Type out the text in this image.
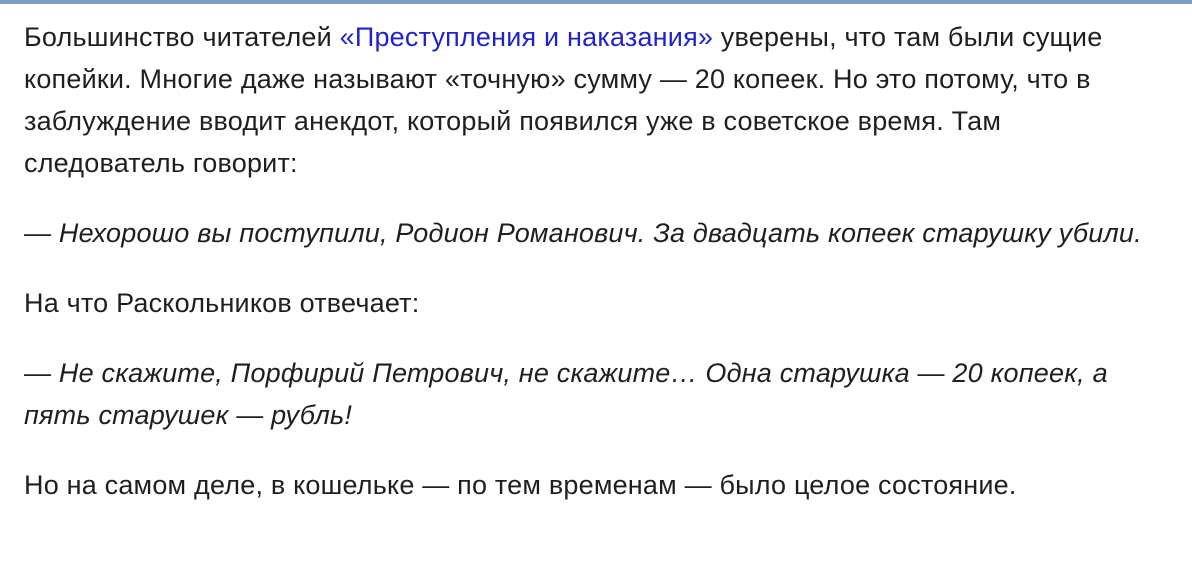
Большинство читателей «Преступления и наказания» уверены, что там были сущие копейки. Многие даже называют «точную» сумму — 20 копеек. Но это потому, что в заблуждение вводит анекдот, который появился уже в советское время. Там следователь говорит:

— Нехорошо вы поступили, Родион Романович. За двадцать копеек старушку убили.

На что Раскольников отвечает:

— Не скажите, Порфирий Петрович, не скажите… Одна старушка — 20 копеек, а пять старушек — рубль!

Но на самом деле, в кошельке — по тем временам — было целое состояние.
